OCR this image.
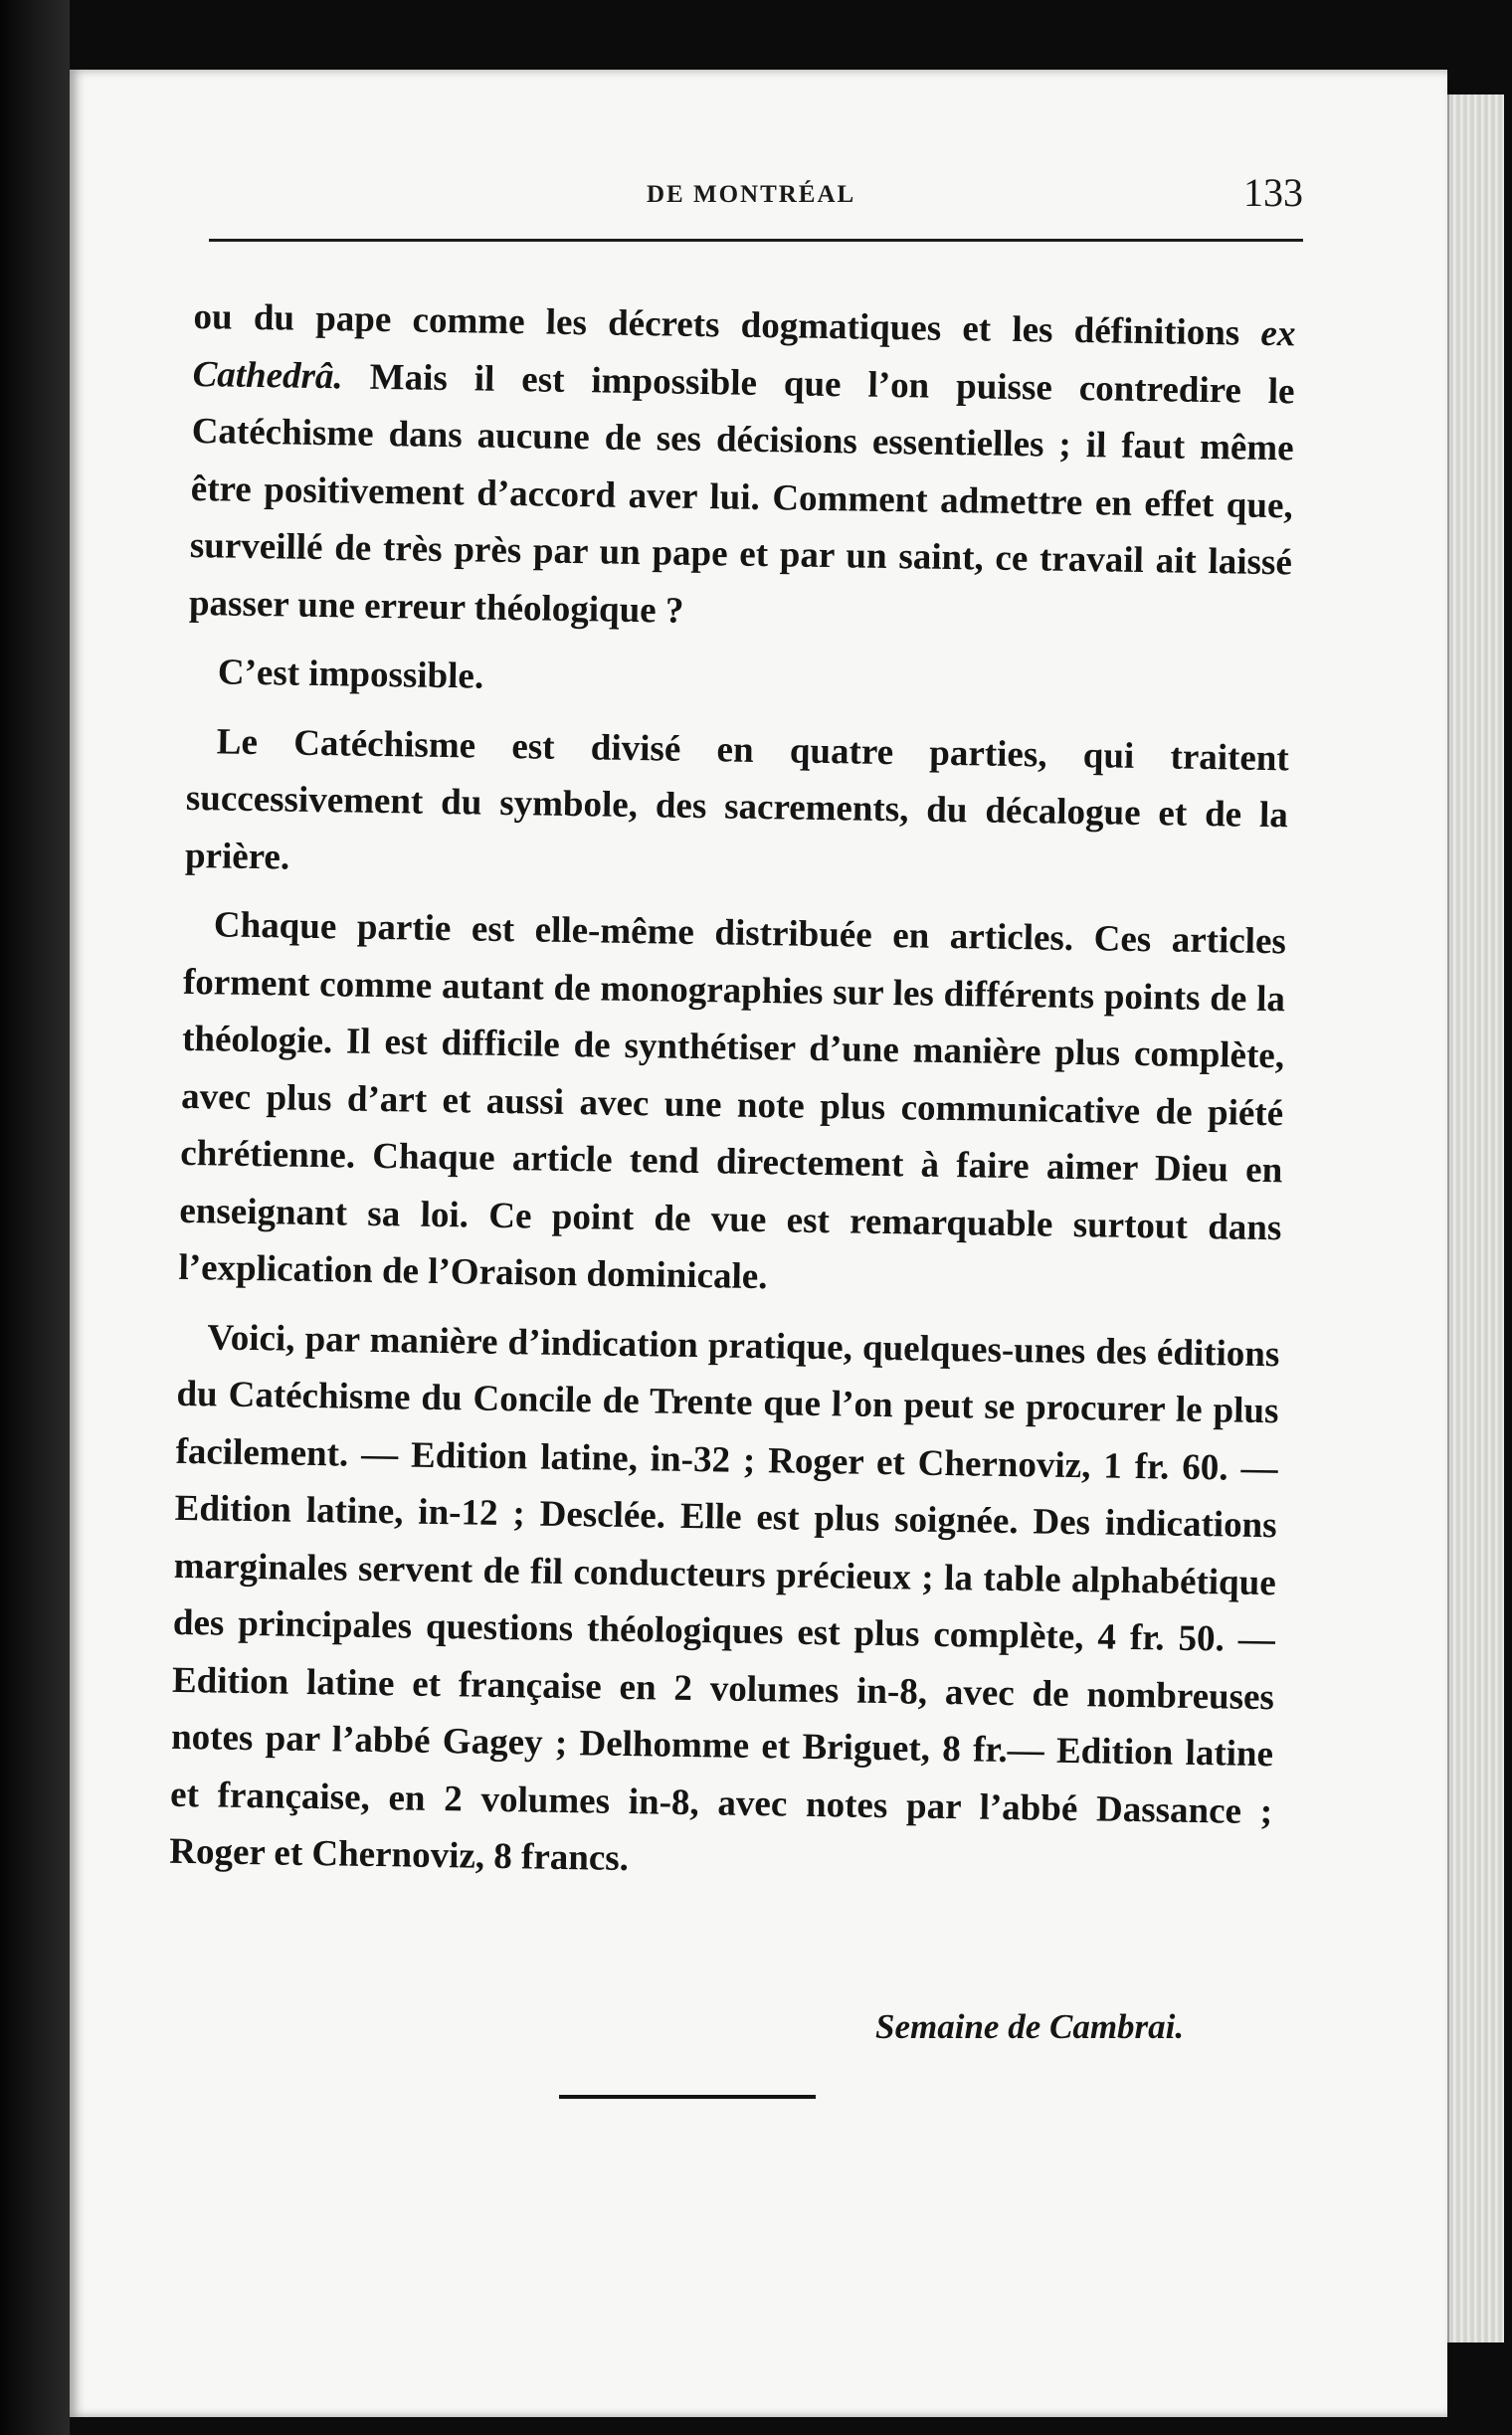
DE MONTRÉAL	133

ou du pape comme les décrets dogmatiques et les définitions ex Cathedrâ. Mais il est impossible que l’on puisse contredire le Catéchisme dans aucune de ses décisions essentielles ; il faut même être positivement d’accord aver lui. Comment admettre en effet que, surveillé de très près par un pape et par un saint, ce travail ait laissé passer une erreur théologique ?

C’est impossible.

Le Catéchisme est divisé en quatre parties, qui traitent successivement du symbole, des sacrements, du décalogue et de la prière.

Chaque partie est elle-même distribuée en articles. Ces articles forment comme autant de monographies sur les différents points de la théologie. Il est difficile de synthétiser d’une manière plus complète, avec plus d’art et aussi avec une note plus communicative de piété chrétienne. Chaque article tend directement à faire aimer Dieu en enseignant sa loi. Ce point de vue est remarquable surtout dans l’explication de l’Oraison dominicale.

Voici, par manière d’indication pratique, quelques-unes des éditions du Catéchisme du Concile de Trente que l’on peut se procurer le plus facilement. — Edition latine, in-32 ; Roger et Chernoviz, 1 fr. 60. — Edition latine, in-12 ; Desclée. Elle est plus soignée. Des indications marginales servent de fil conducteurs précieux ; la table alphabétique des principales questions théologiques est plus complète, 4 fr. 50. — Edition latine et française en 2 volumes in-8, avec de nombreuses notes par l’abbé Gagey ; Delhomme et Briguet, 8 fr.— Edition latine et française, en 2 volumes in-8, avec notes par l’abbé Dassance ; Roger et Chernoviz, 8 francs.

Semaine de Cambrai.
